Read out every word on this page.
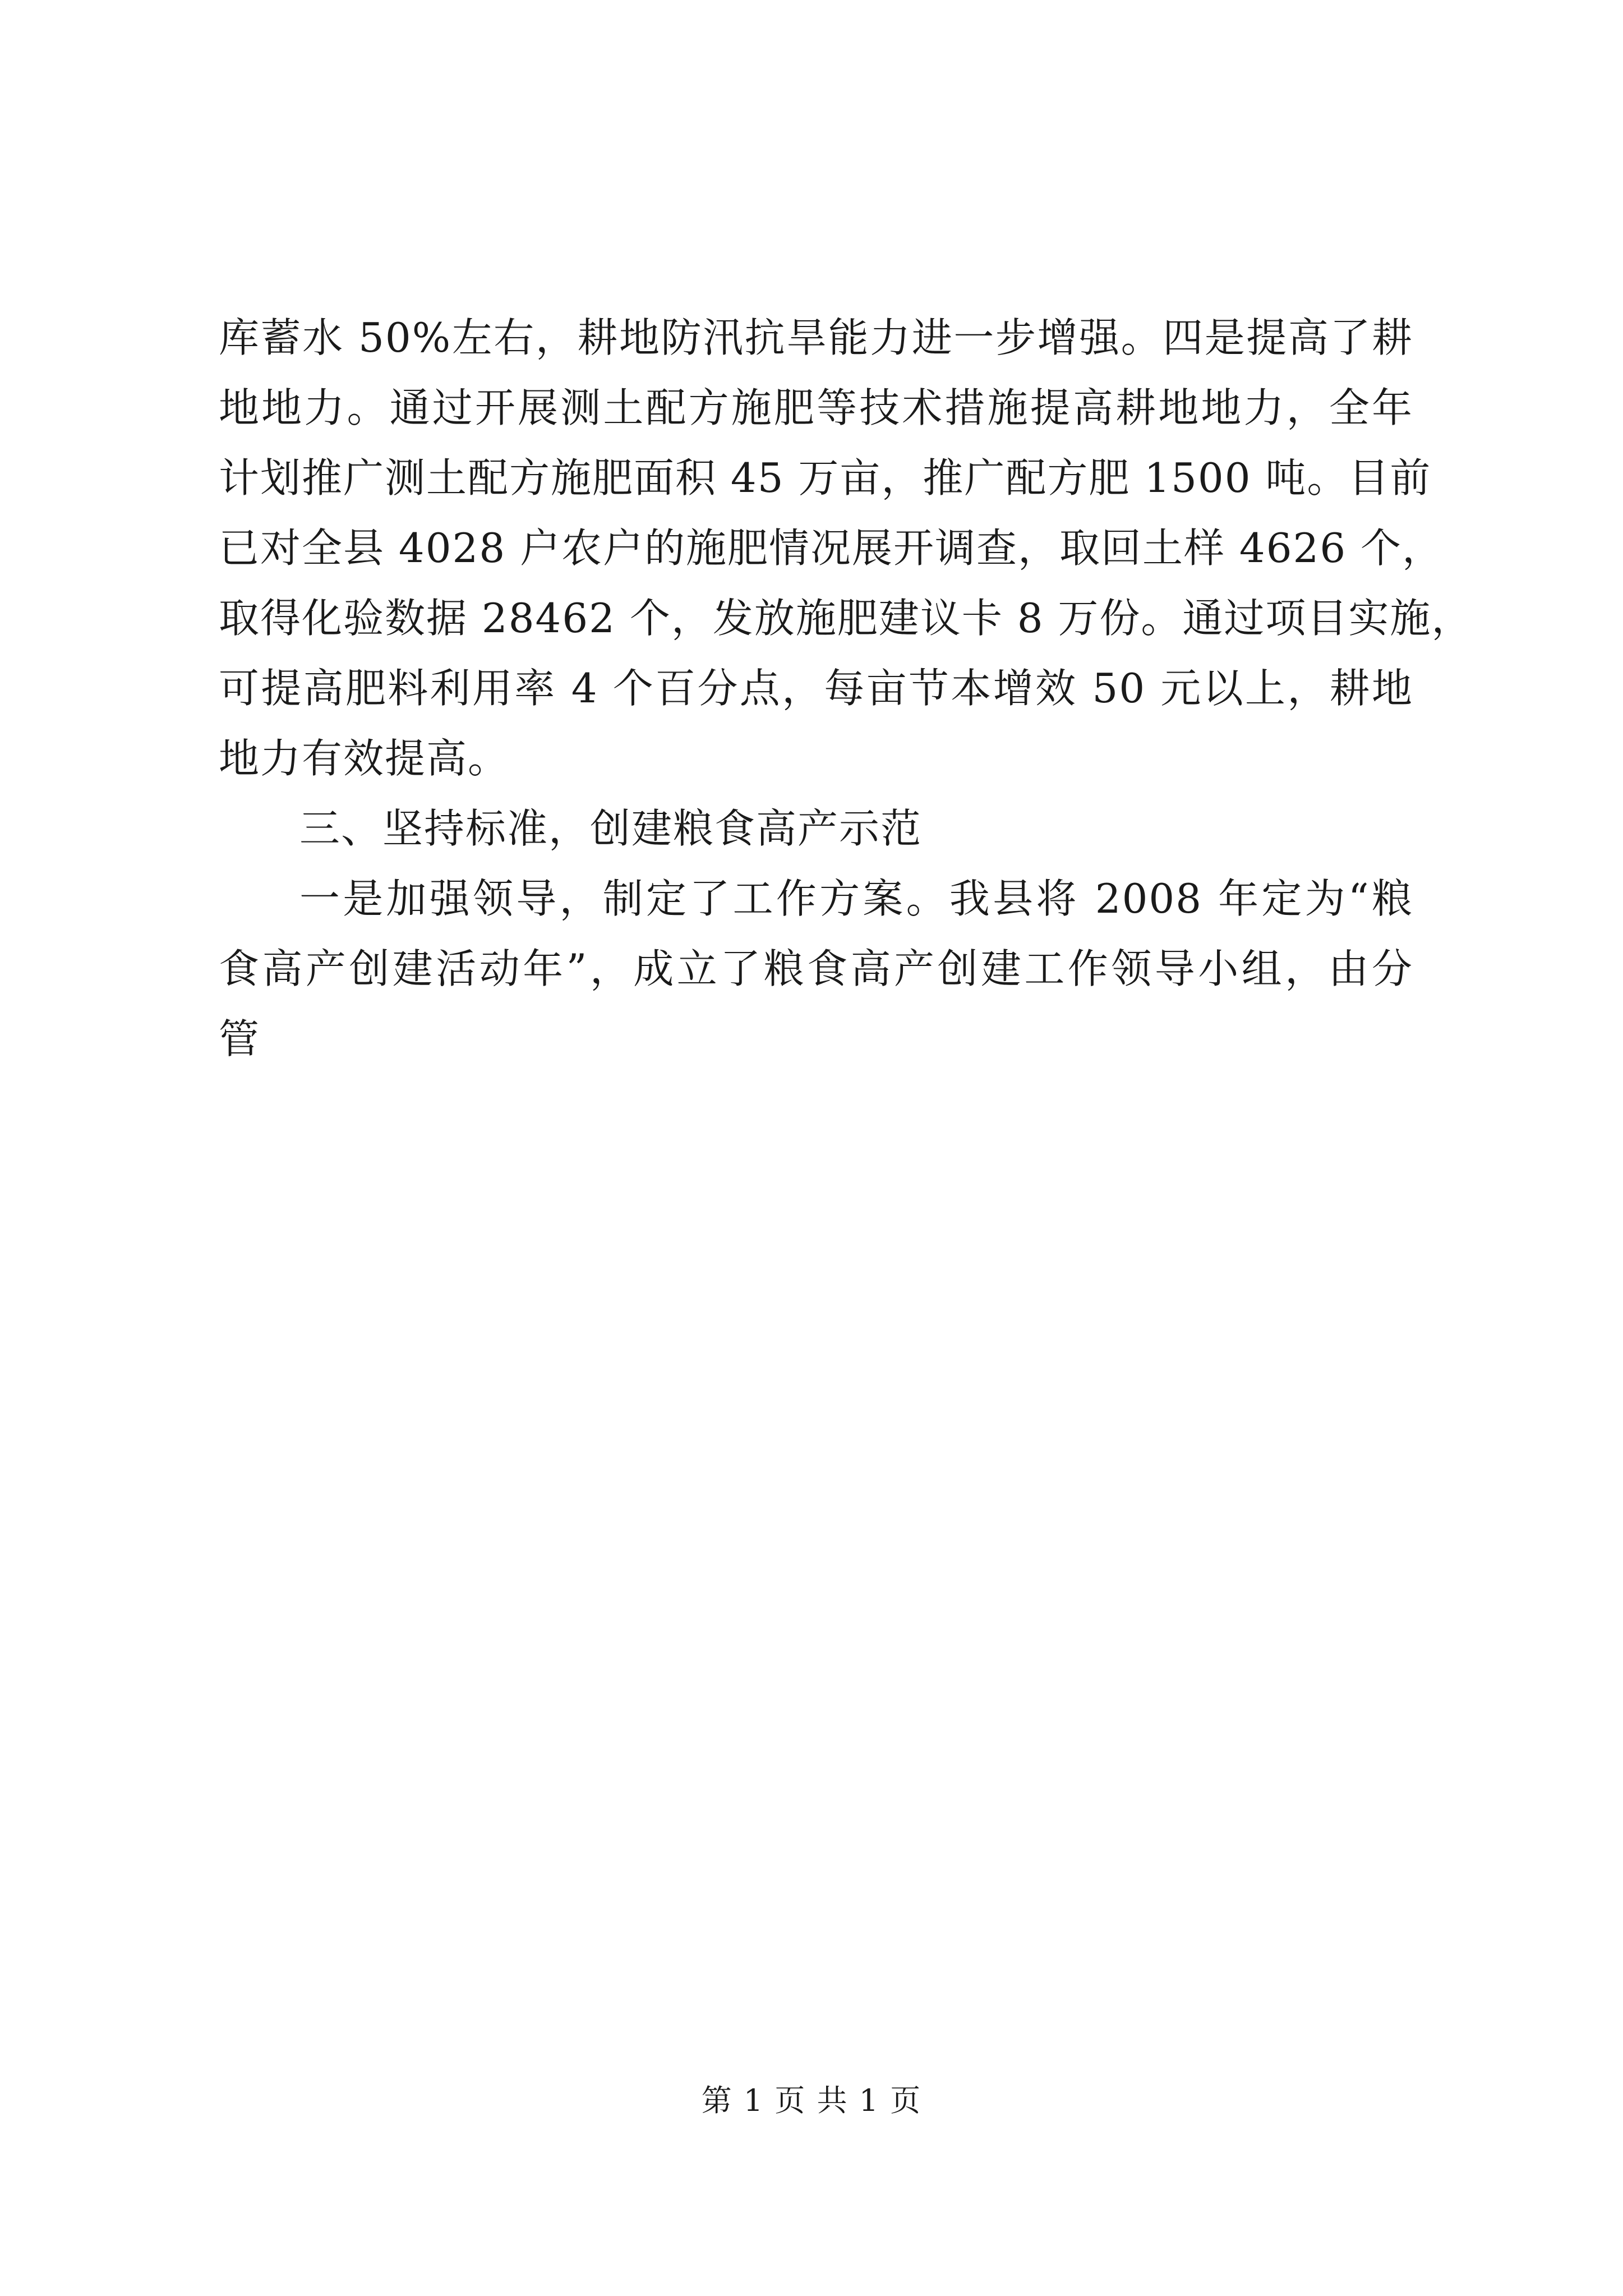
库蓄水 50%左右，耕地防汛抗旱能力进一步增强。四是提高了耕
地地力。通过开展测土配方施肥等技术措施提高耕地地力，全年
计划推广测土配方施肥面积 45 万亩，推广配方肥 1500 吨。目前
已对全县 4028 户农户的施肥情况展开调查，取回土样 4626 个，
取得化验数据 28462 个，发放施肥建议卡 8 万份。通过项目实施，
可提高肥料利用率 4 个百分点，每亩节本增效 50 元以上，耕地
地力有效提高。
三、坚持标准，创建粮食高产示范
一是加强领导，制定了工作方案。我县将 2008 年定为“粮
食高产创建活动年”，成立了粮食高产创建工作领导小组，由分
管
第 1 页 共 1 页
